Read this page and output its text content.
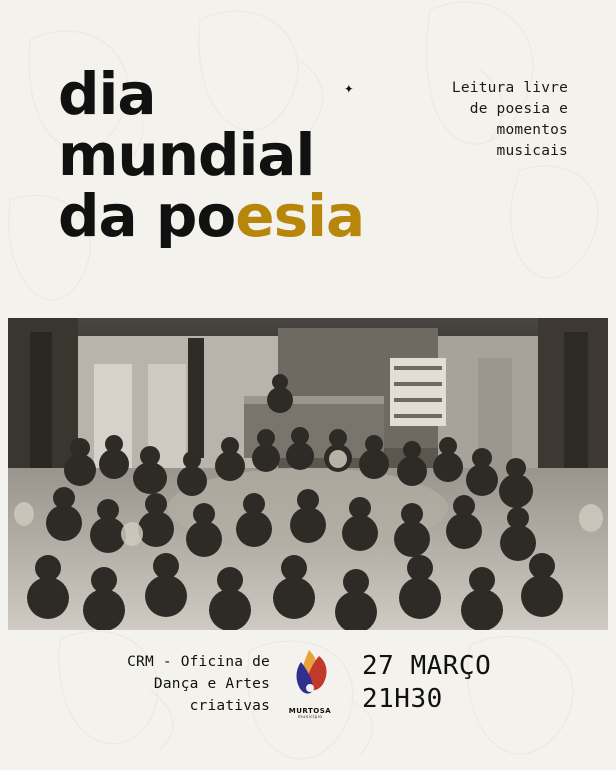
dia
mundial
da poesia
✦	Leitura livre
de poesia e
momentos
musicais
CRM - Oficina de
Dança e Artes
criativas	MURTOSA
município
27 MARÇO
21H30
